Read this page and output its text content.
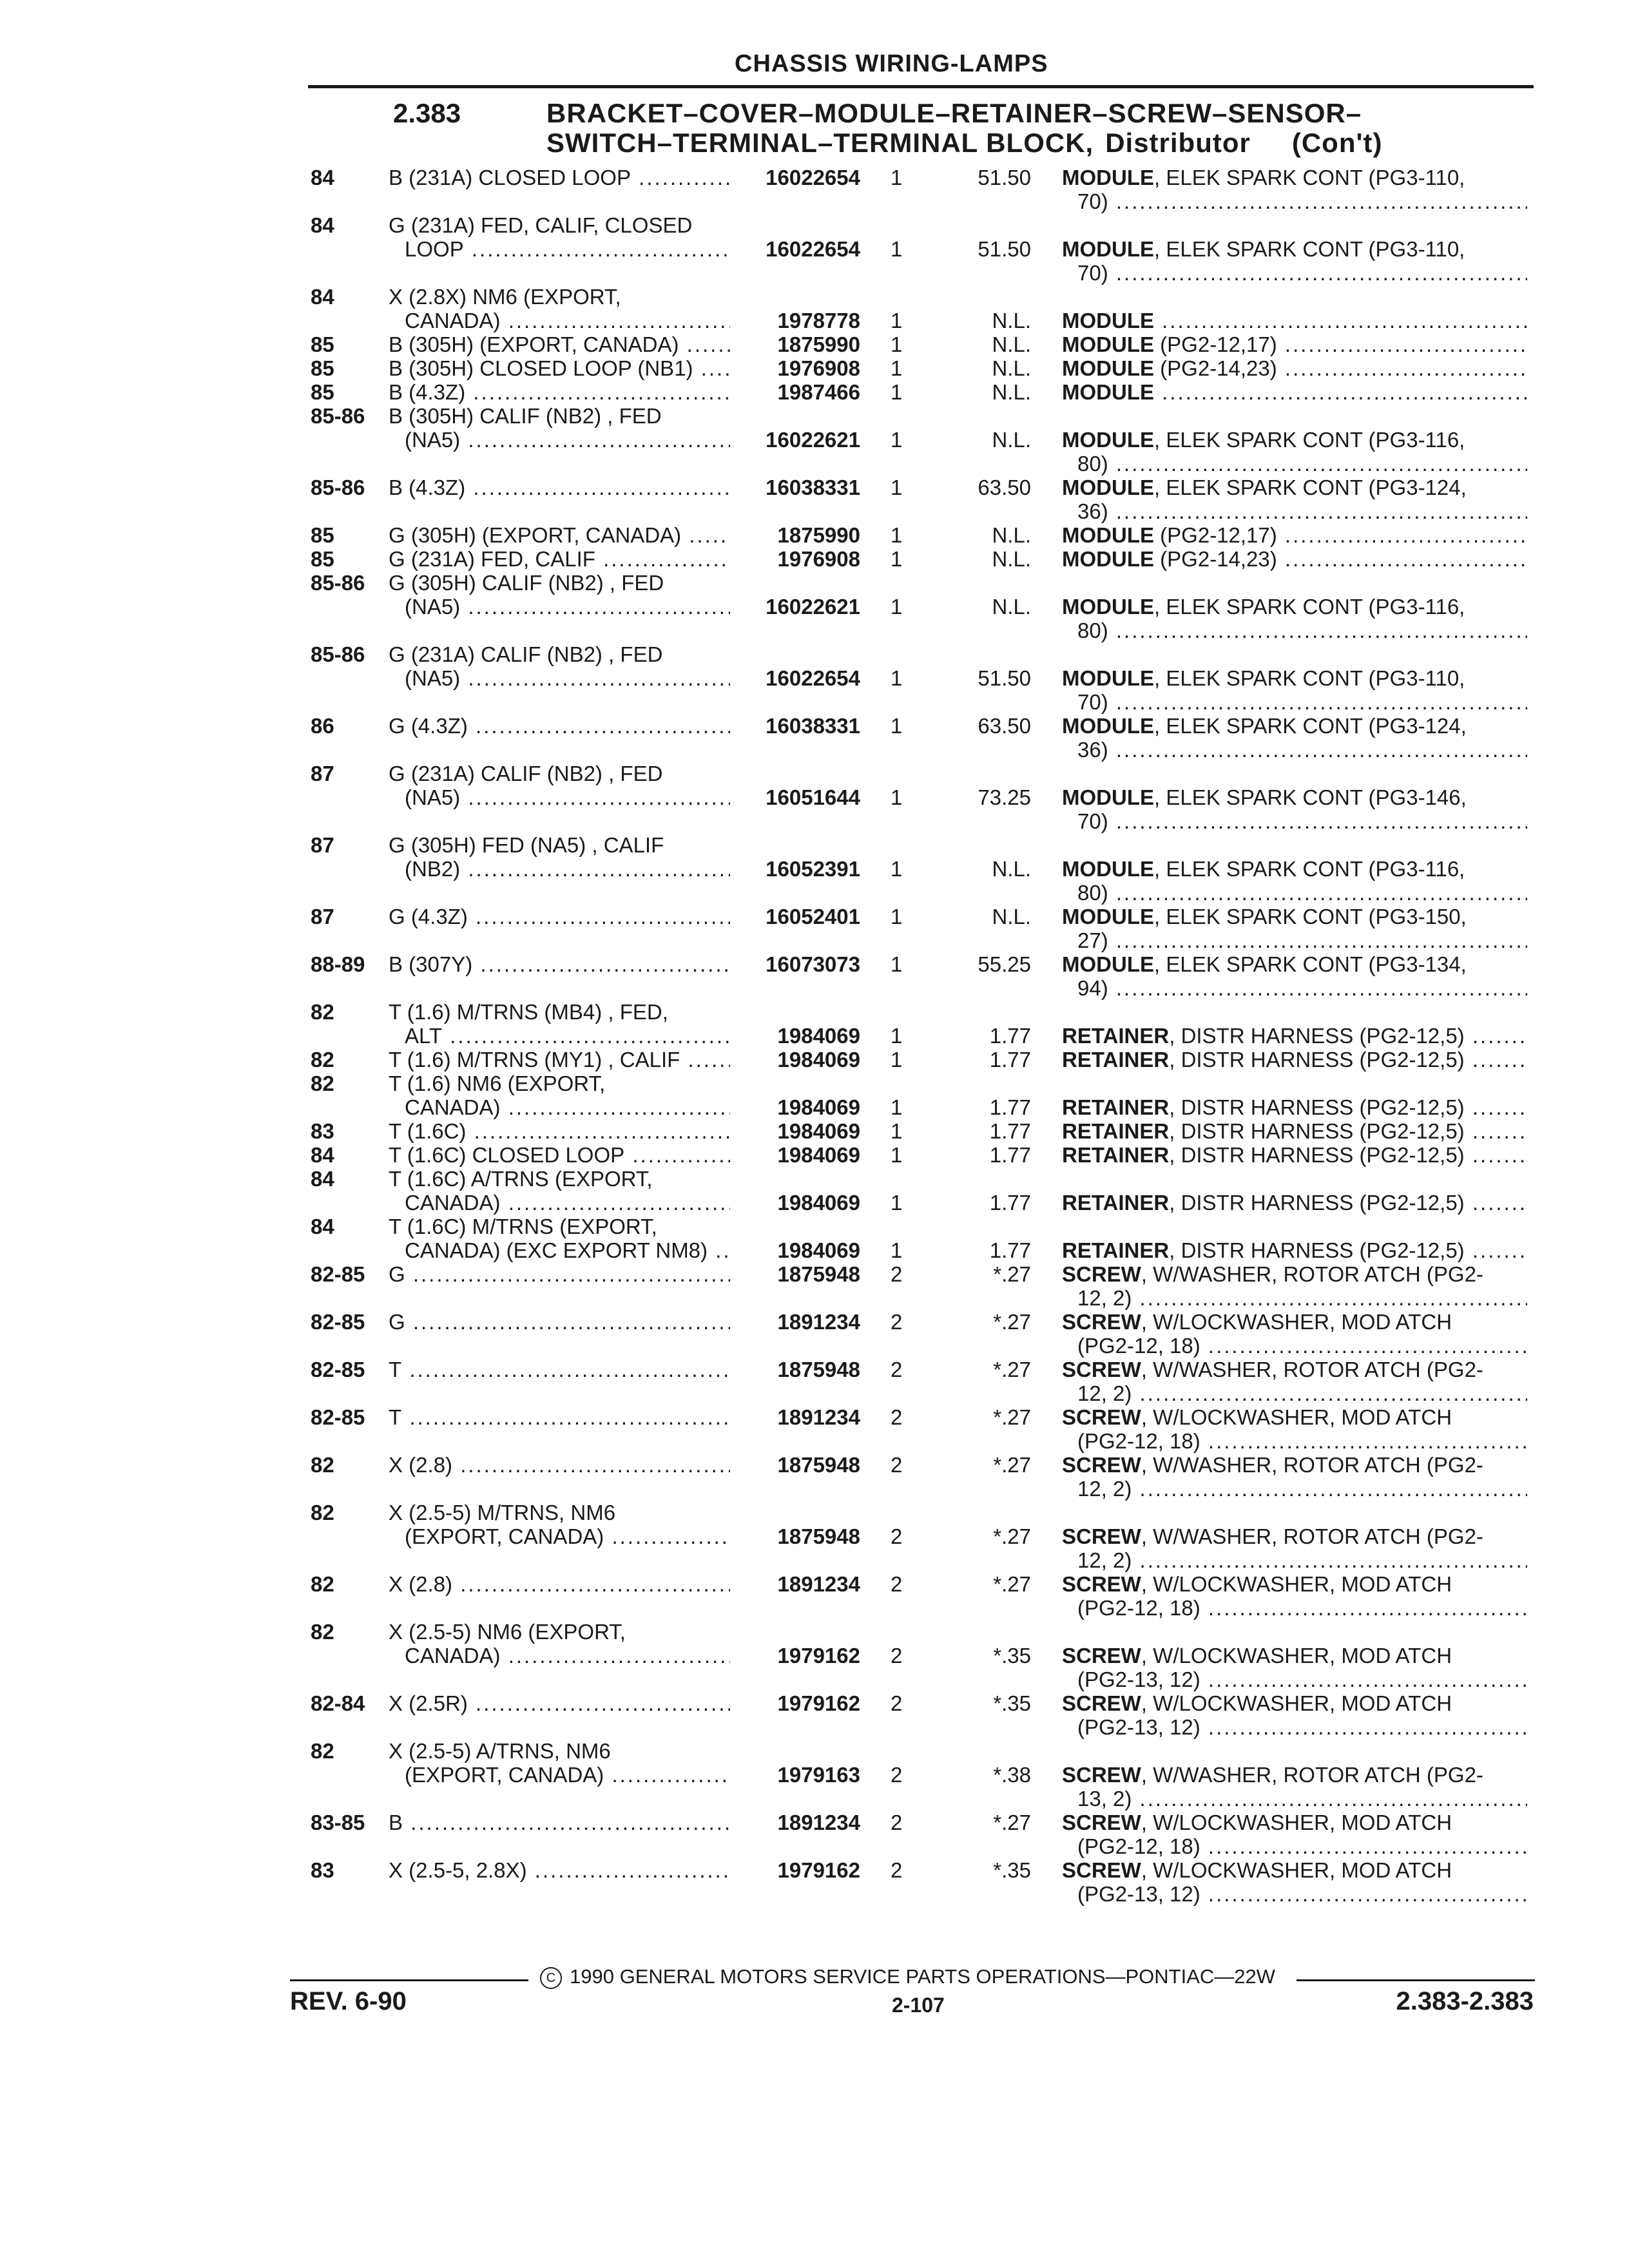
CHASSIS WIRING-LAMPS
2.383	BRACKET–COVER–MODULE–RETAINER–SCREW–SENSOR–
SWITCH–TERMINAL–TERMINAL BLOCK, Distributor (Con't)
84	B (231A) CLOSED LOOP .....	16022654 1	51.50 MODULE, ELEK SPARK CONT (PG3-110,
70) .....
84	G (231A) FED, CALIF, CLOSED
LOOP .....	16022654 1	51.50 MODULE, ELEK SPARK CONT (PG3-110,
70) .....
84	X (2.8X) NM6 (EXPORT,
CANADA) .....	1978778 1	N.L. MODULE .....
85	B (305H) (EXPORT, CANADA) .....	1875990 1	N.L. MODULE (PG2-12,17) .....
85	B (305H) CLOSED LOOP (NB1) .....	1976908 1	N.L. MODULE (PG2-14,23) .....
85	B (4.3Z) .....	1987466 1	N.L. MODULE .....
85-86 B (305H) CALIF (NB2) , FED
(NA5) .....	16022621 1	N.L. MODULE, ELEK SPARK CONT (PG3-116,
80) .....
85-86 B (4.3Z) .....	16038331 1	63.50 MODULE, ELEK SPARK CONT (PG3-124,
36) .....
85	G (305H) (EXPORT, CANADA) .....	1875990 1	N.L. MODULE (PG2-12,17) .....
85	G (231A) FED, CALIF .....	1976908 1	N.L. MODULE (PG2-14,23) .....
85-86 G (305H) CALIF (NB2) , FED
(NA5) .....	16022621 1	N.L. MODULE, ELEK SPARK CONT (PG3-116,
80) .....
85-86 G (231A) CALIF (NB2) , FED
(NA5) .....	16022654 1	51.50 MODULE, ELEK SPARK CONT (PG3-110,
70) .....
86	G (4.3Z) .....	16038331 1	63.50 MODULE, ELEK SPARK CONT (PG3-124,
36) .....
87	G (231A) CALIF (NB2) , FED
(NA5) .....	16051644 1	73.25 MODULE, ELEK SPARK CONT (PG3-146,
70) .....
87	G (305H) FED (NA5) , CALIF
(NB2) .....	16052391 1	N.L. MODULE, ELEK SPARK CONT (PG3-116,
80) .....
87	G (4.3Z) .....	16052401 1	N.L. MODULE, ELEK SPARK CONT (PG3-150,
27) .....
88-89 B (307Y) .....	16073073 1	55.25 MODULE, ELEK SPARK CONT (PG3-134,
94) .....
82	T (1.6) M/TRNS (MB4) , FED,
ALT .....	1984069 1	1.77 RETAINER, DISTR HARNESS (PG2-12,5) .....
82	T (1.6) M/TRNS (MY1) , CALIF .....	1984069 1	1.77 RETAINER, DISTR HARNESS (PG2-12,5) .....
82	T (1.6) NM6 (EXPORT,
CANADA) .....	1984069 1	1.77 RETAINER, DISTR HARNESS (PG2-12,5) .....
83	T (1.6C) .....	1984069 1	1.77 RETAINER, DISTR HARNESS (PG2-12,5) .....
84	T (1.6C) CLOSED LOOP .....	1984069 1	1.77 RETAINER, DISTR HARNESS (PG2-12,5) .....
84	T (1.6C) A/TRNS (EXPORT,
CANADA) .....	1984069 1	1.77 RETAINER, DISTR HARNESS (PG2-12,5) .....
84	T (1.6C) M/TRNS (EXPORT,
CANADA) (EXC EXPORT NM8) .....	1984069 1	1.77 RETAINER, DISTR HARNESS (PG2-12,5) .....
82-85 G .....	1875948 2	*.27 SCREW, W/WASHER, ROTOR ATCH (PG2-
12, 2) .....
82-85 G .....	1891234 2	*.27 SCREW, W/LOCKWASHER, MOD ATCH
(PG2-12, 18) .....
82-85 T .....	1875948 2	*.27 SCREW, W/WASHER, ROTOR ATCH (PG2-
12, 2) .....
82-85 T .....	1891234 2	*.27 SCREW, W/LOCKWASHER, MOD ATCH
(PG2-12, 18) .....
82	X (2.8) .....	1875948 2	*.27 SCREW, W/WASHER, ROTOR ATCH (PG2-
12, 2) .....
82	X (2.5-5) M/TRNS, NM6
(EXPORT, CANADA) .....	1875948 2	*.27 SCREW, W/WASHER, ROTOR ATCH (PG2-
12, 2) .....
82	X (2.8) .....	1891234 2	*.27 SCREW, W/LOCKWASHER, MOD ATCH
(PG2-12, 18) .....
82	X (2.5-5) NM6 (EXPORT,
CANADA) .....	1979162 2	*.35 SCREW, W/LOCKWASHER, MOD ATCH
(PG2-13, 12) .....
82-84 X (2.5R) .....	1979162 2	*.35 SCREW, W/LOCKWASHER, MOD ATCH
(PG2-13, 12) .....
82	X (2.5-5) A/TRNS, NM6
(EXPORT, CANADA) .....	1979163 2	*.38 SCREW, W/WASHER, ROTOR ATCH (PG2-
13, 2) .....
83-85 B .....	1891234 2	*.27 SCREW, W/LOCKWASHER, MOD ATCH
(PG2-12, 18) .....
83	X (2.5-5, 2.8X) .....	1979162 2	*.35 SCREW, W/LOCKWASHER, MOD ATCH
(PG2-13, 12) .....
C 1990 GENERAL MOTORS SERVICE PARTS OPERATIONS—PONTIAC—22W
REV. 6-90	2-107	2.383-2.383
